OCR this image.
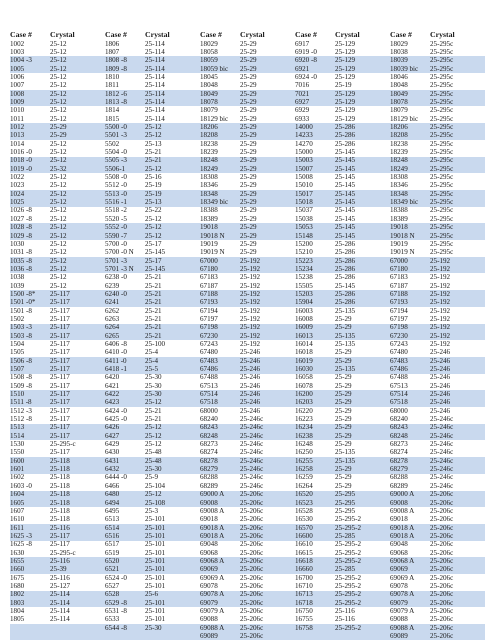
Case # Crystal
1002	25-12
1003	25-12
1004 -3	25-12
1005	25-12
1006	25-12
1007	25-12
1008	25-12
1009	25-12
1010	25-12
1011	25-12
1012	25-29
1013	25-29
1014	25-12
1016 -0	25-12
1018 -0	25-12
1019 -0	25-32
1022	25-12
1023	25-12
1024	25-12
1025	25-12
1026 -8	25-12
1027 -8	25-12
1028 -8	25-12
1029 -8	25-12
1030	25-12
1031 -8	25-12
1035 -8	25-12
1036 -8	25-12
1038	25-12
1039	25-12
1500 -8* 25-117
1501 -0* 25-117
1501 -8	25-117
1502	25-117
1503 -3	25-117
1503 -8	25-117
1504	25-117
1505	25-117
1506 -8	25-117
1507	25-117
1508 -8	25-117
1509 -8	25-117
1510	25-117
1511 -8	25-117
1512 -3	25-117
1512 -8	25-117
1513	25-117
1514	25-117
1530	25-295-c
1550	25-117
1600	25-118
1601	25-118
1602	25-118
1603 -0	25-118
1604	25-118
1605	25-118
1607	25-118
1610	25-118
1611	25-116
1625 -3	25-117
1625 -8	25-117
1630	25-295-c
1655	25-116
1660	25-39
1675	25-116
1680	25-127
1802	25-114
1803	25-114
1804	25-114
1805	25-114
Case # Crystal
1806	25-114
1807	25-114
1808 -8	25-114
1809 -8	25-114
1810	25-114
1811	25-114
1812 -6	25-114
1813 -8	25-114
1814	25-114
1815	25-114
5500 -0	25-12
5501 -3	25-12
5502	25-13
5504 -0	25-21
5505 -3	25-21
5506-1	25-12
5508 -0	25-16
5512 -0	25-19
5513 -0	25-19
5516 -1	25-13
5518 -2	25-22
5520 -5	25-12
5552 -0	25-12
5590 -7	25-12
5700 -0	25-17
5700 -0 N 25-145
5701 -3	25-17
5701 -3 N 25-145
6238 -0	25-21
6239	25-21
6240 -0	25-21
6241	25-21
6262	25-21
6263	25-21
6264	25-21
6265	25-21
6406 -8	25-100
6410 -0	25-4
6411 -0	25-4
6418 -1	25-5
6420	25-30
6421	25-30
6422	25-30
6423	25-12
6424 -0	25-21
6425 -0	25-21
6426	25-12
6427	25-12
6429	25-12
6430	25-48
6431	25-48
6432	25-30
6444 -0	25-9
6466	25-104
6480	25-12
6494	25-108
6495	25-3
6513	25-101
6514	25-101
6516	25-101
6517	25-101
6519	25-101
6520	25-101
6521	25-101
6524 -0	25-101
6527	25-101
6528	25-6
6529 -8	25-101
6531 -8	25-101
6533	25-101
6544 -8	25-30
Case # Crystal
18029	25-29
18058	25-29
18059	25-29
18059 bic 25-29
18045	25-29
18048	25-29
18049	25-29
18078	25-29
18079	25-29
18129 bic 25-29
18206	25-29
18208	25-29
18238	25-29
18239	25-29
18248	25-29
18249	25-29
18308	25-29
18346	25-29
18348	25-29
18349 bic 25-29
18388	25-29
18389	25-29
19018	25-29
19018 N 25-29
19019	25-29
19019 N 25-29
67000	25-192
67180	25-192
67183	25-192
67187	25-192
67188	25-192
67193	25-192
67194	25-192
67197	25-192
67198	25-192
67230	25-192
67243	25-192
67480	25-246
67483	25-246
67486	25-246
67488	25-246
67513	25-246
67514	25-246
67518	25-246
68000	25-246
68240	25-246c
68243	25-246c
68248	25-246c
68273	25-246c
68274	25-246c
68278	25-246c
68279	25-246c
68288	25-246c
68289	25-246c
69000 A 25-206c
69008	25-206c
69008 A 25-206c
69018	25-206c
69018 A 25-206c
69018 A 25-206c
69048	25-206c
69068	25-206c
69068 A 25-206c
69069	25-206c
69069 A 25-206c
69078	25-206c
69078 A 25-206c
69079	25-206c
69079 A 25-206c
69088	25-206c
69088 A 25-206c
69089	25-206c
Case # Crystal
6917	25-129
6919 -0	25-129
6920 -8	25-129
6921	25-129
6924 -0	25-129
7016	25-19
7021	25-129
6927	25-129
6929	25-129
6933	25-129
14000	25-286
14233	25-286
14270	25-286
15000	25-145
15003	25-145
15007	25-145
15008	25-145
15010	25-145
15017	25-145
15018	25-145
15037	25-145
15038	25-145
15053	25-145
15148	25-145
15200	25-286
15210	25-286
15223	25-286
15234	25-286
15238	25-286
15505	25-145
15203	25-286
15904	25-286
16003	25-135
16008	25-29
16009	25-29
16013	25-135
16014	25-135
16018	25-29
16019	25-29
16030	25-135
16058	25-29
16078	25-29
16200	25-29
16203	25-29
16220	25-29
16223	25-29
16234	25-29
16238	25-29
16248	25-29
16250	25-135
16255	25-135
16258	25-29
16259	25-29
16264	25-29
16520	25-295
16523	25-295
16528	25-295
16530	25-295-2
16570	25-295-2
16600	25-285
16610	25-295-2
16615	25-295-2
16618	25-295-2
16660	25-285
16700	25-295-2
16710	25-295-2
16713	25-295-2
16718	25-295-2
16750	25-116
16755	25-116
16758	25-295-2
Case # Crystal
18029	25-295c
18038	25-295c
18039	25-295c
18039 bic 25-295c
18046	25-295c
18048	25-295c
18049	25-295c
18078	25-295c
18079	25-295c
18129 bic 25-295c
18206	25-295c
18208	25-295c
18238	25-295c
18239	25-295c
18248	25-295c
18249	25-295c
18308	25-295c
18346	25-295c
18348	25-295c
18349 bic 25-295c
18388	25-295c
18389	25-295c
19018	25-295c
19018 N 25-295c
19019	25-295c
19019 N 25-295c
67000	25-192
67180	25-192
67183	25-192
67187	25-192
67188	25-192
67193	25-192
67194	25-192
67197	25-192
67198	25-192
67230	25-192
67243	25-192
67480	25-246
67483	25-246
67486	25-246
67488	25-246
67513	25-246
67514	25-246
67518	25-246
68000	25-246
68240	25-246c
68243	25-246c
68248	25-246c
68273	25-246c
68274	25-246c
68278	25-246c
68279	25-246c
68288	25-246c
68289	25-246c
69000 A 25-206c
69008	25-206c
69008 A 25-206c
69018	25-206c
69018 A 25-206c
69018 A 25-206c
69048	25-206c
69068	25-206c
69068 A 25-206c
69069	25-206c
69069 A 25-206c
69078	25-206c
69078 A 25-206c
69079	25-206c
69079 A 25-206c
69088	25-206c
69088 A 25-206c
69089	25-206c
